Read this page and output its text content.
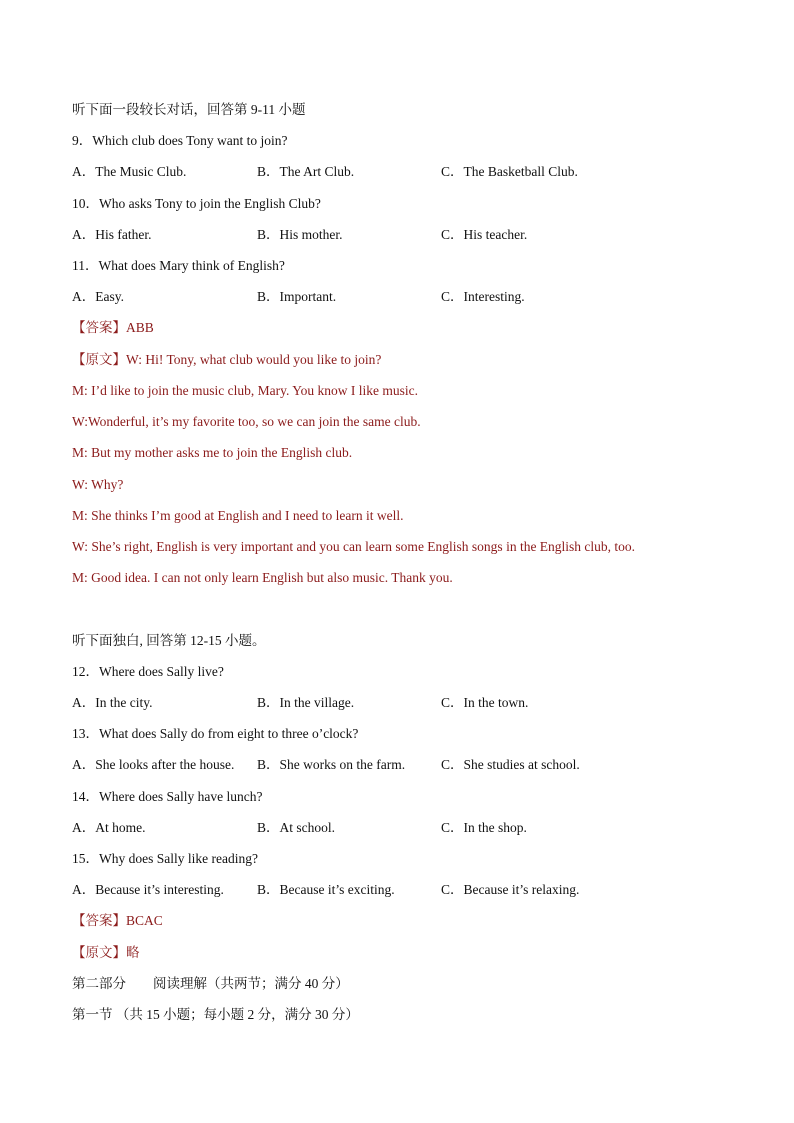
听下面一段较长对话，回答第 9-11 小题
9．Which club does Tony want to join?
A．The Music Club.	B．The Art Club.	C．The Basketball Club.
10．Who asks Tony to join the English Club?
A．His father.	B．His mother.	C．His teacher.
11．What does Mary think of English?
A．Easy.	B．Important.	C．Interesting.
【答案】ABB
【原文】W: Hi! Tony, what club would you like to join?
M: I’d like to join the music club, Mary. You know I like music.
W:Wonderful, it’s my favorite too, so we can join the same club.
M: But my mother asks me to join the English club.
W: Why?
M: She thinks I’m good at English and I need to learn it well.
W: She’s right, English is very important and you can learn some English songs in the English club, too.
M: Good idea. I can not only learn English but also music. Thank you.
听下面独白, 回答第 12-15 小题。
12．Where does Sally live?
A．In the city.	B．In the village.	C．In the town.
13．What does Sally do from eight to three o’clock?
A．She looks after the house. B．She works on the farm.	C．She studies at school.
14．Where does Sally have lunch?
A．At home.	B．At school.	C．In the shop.
15．Why does Sally like reading?
A．Because it’s interesting. B．Because it’s exciting.	C．Because it’s relaxing.
【答案】BCAC
【原文】略
第二部分　　阅读理解（共两节；满分 40 分）
第一节 （共 15 小题；每小题 2 分，满分 30 分）
